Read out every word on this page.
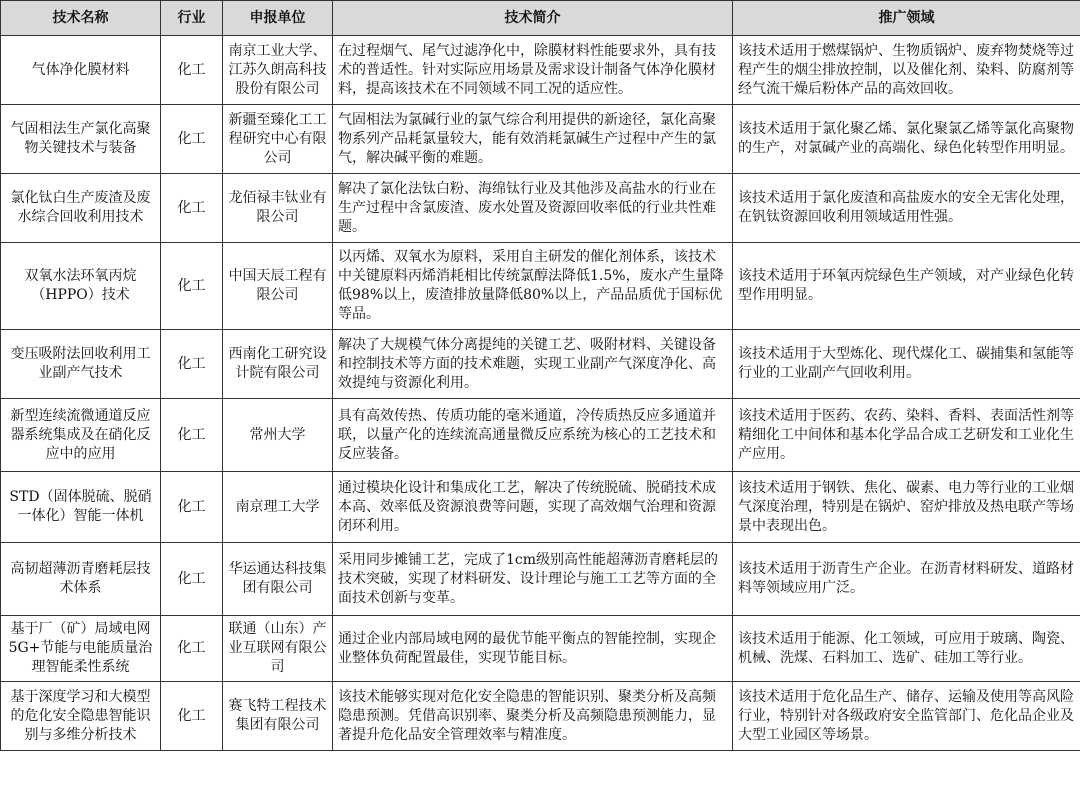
技术名称	行业	申报单位	技术简介	推广领域
气体净化膜材料	化工	南京工业大学、江苏久朗高科技股份有限公司	在过程烟气、尾气过滤净化中，除膜材料性能要求外，具有技术的普适性。针对实际应用场景及需求设计制备气体净化膜材料，提高该技术在不同领域不同工况的适应性。	该技术适用于燃煤锅炉、生物质锅炉、废弃物焚烧等过程产生的烟尘排放控制，以及催化剂、染料、防腐剂等经气流干燥后粉体产品的高效回收。
气固相法生产氯化高聚物关键技术与装备	化工	新疆至臻化工工程研究中心有限公司	气固相法为氯碱行业的氯气综合利用提供的新途径，氯化高聚物系列产品耗氯量较大，能有效消耗氯碱生产过程中产生的氯气，解决碱平衡的难题。	该技术适用于氯化聚乙烯、氯化聚氯乙烯等氯化高聚物的生产，对氯碱产业的高端化、绿色化转型作用明显。
氯化钛白生产废渣及废水综合回收利用技术	化工	龙佰禄丰钛业有限公司	解决了氯化法钛白粉、海绵钛行业及其他涉及高盐水的行业在生产过程中含氯废渣、废水处置及资源回收率低的行业共性难题。	该技术适用于氯化废渣和高盐废水的安全无害化处理，在钒钛资源回收利用领域适用性强。
双氧水法环氧丙烷（HPPO）技术	化工	中国天辰工程有限公司	以丙烯、双氧水为原料，采用自主研发的催化剂体系，该技术中关键原料丙烯消耗相比传统氯醇法降低1.5%，废水产生量降低98%以上，废渣排放量降低80%以上，产品品质优于国标优等品。	该技术适用于环氧丙烷绿色生产领域，对产业绿色化转型作用明显。
变压吸附法回收利用工业副产气技术	化工	西南化工研究设计院有限公司	解决了大规模气体分离提纯的关键工艺、吸附材料、关键设备和控制技术等方面的技术难题，实现工业副产气深度净化、高效提纯与资源化利用。	该技术适用于大型炼化、现代煤化工、碳捕集和氢能等行业的工业副产气回收利用。
新型连续流微通道反应器系统集成及在硝化反应中的应用	化工	常州大学	具有高效传热、传质功能的毫米通道，冷传质热反应多通道并联，以量产化的连续流高通量微反应系统为核心的工艺技术和反应装备。	该技术适用于医药、农药、染料、香料、表面活性剂等精细化工中间体和基本化学品合成工艺研发和工业化生产应用。
STD（固体脱硫、脱硝一体化）智能一体机	化工	南京理工大学	通过模块化设计和集成化工艺，解决了传统脱硫、脱硝技术成本高、效率低及资源浪费等问题，实现了高效烟气治理和资源闭环利用。	该技术适用于钢铁、焦化、碳素、电力等行业的工业烟气深度治理，特别是在锅炉、窑炉排放及热电联产等场景中表现出色。
高韧超薄沥青磨耗层技术体系	化工	华运通达科技集团有限公司	采用同步摊铺工艺，完成了1cm级别高性能超薄沥青磨耗层的技术突破，实现了材料研发、设计理论与施工工艺等方面的全面技术创新与变革。	该技术适用于沥青生产企业。在沥青材料研发、道路材料等领域应用广泛。
基于厂（矿）局域电网5G+节能与电能质量治理智能柔性系统	化工	联通（山东）产业互联网有限公司	通过企业内部局域电网的最优节能平衡点的智能控制，实现企业整体负荷配置最佳，实现节能目标。	该技术适用于能源、化工领域，可应用于玻璃、陶瓷、机械、洗煤、石料加工、选矿、硅加工等行业。
基于深度学习和大模型的危化安全隐患智能识别与多维分析技术	化工	赛飞特工程技术集团有限公司	该技术能够实现对危化安全隐患的智能识别、聚类分析及高频隐患预测。凭借高识别率、聚类分析及高频隐患预测能力，显著提升危化品安全管理效率与精准度。	该技术适用于危化品生产、储存、运输及使用等高风险行业，特别针对各级政府安全监管部门、危化品企业及大型工业园区等场景。
